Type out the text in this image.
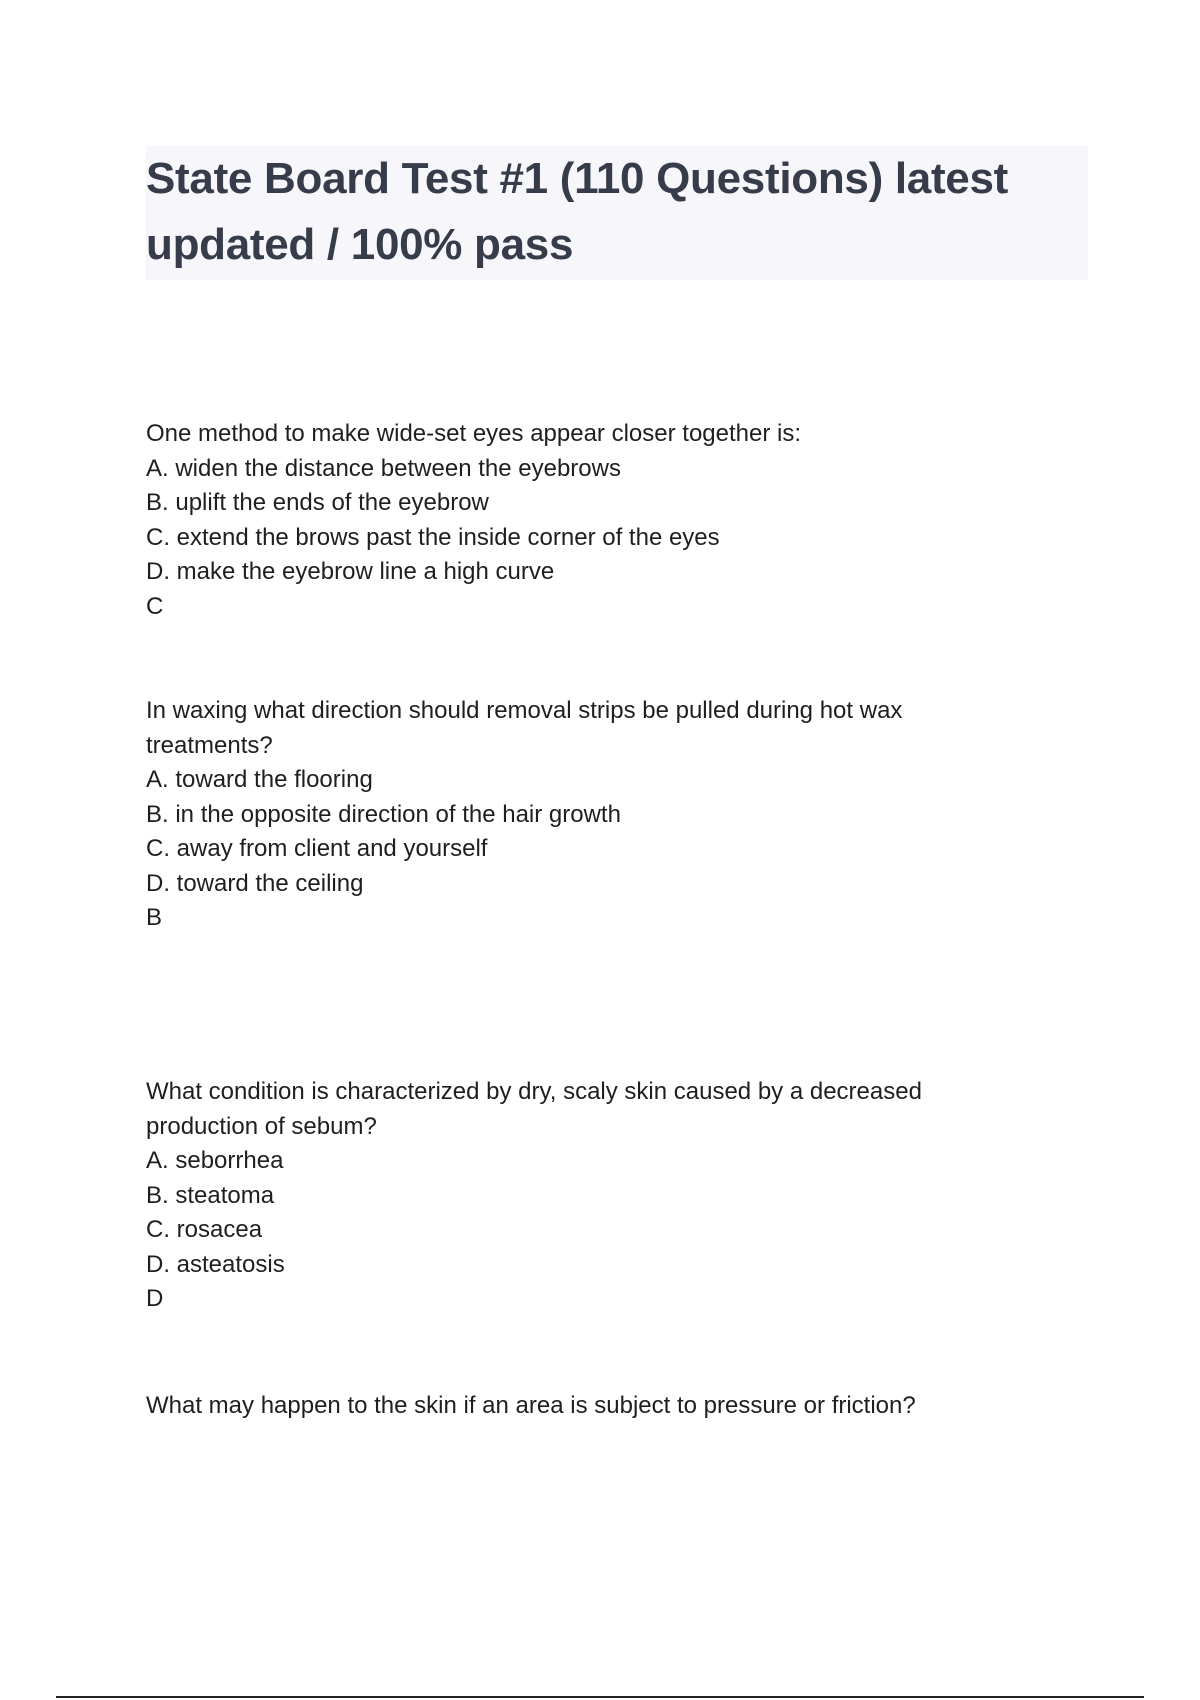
State Board Test #1 (110 Questions) latest updated / 100% pass

One method to make wide-set eyes appear closer together is:

A. widen the distance between the eyebrows

B. uplift the ends of the eyebrow

C. extend the brows past the inside corner of the eyes

D. make the eyebrow line a high curve

C

In waxing what direction should removal strips be pulled during hot wax treatments?

A. toward the flooring

B. in the opposite direction of the hair growth

C. away from client and yourself

D. toward the ceiling

B

What condition is characterized by dry, scaly skin caused by a decreased production of sebum?

A. seborrhea

B. steatoma

C. rosacea

D. asteatosis

D

What may happen to the skin if an area is subject to pressure or friction?
